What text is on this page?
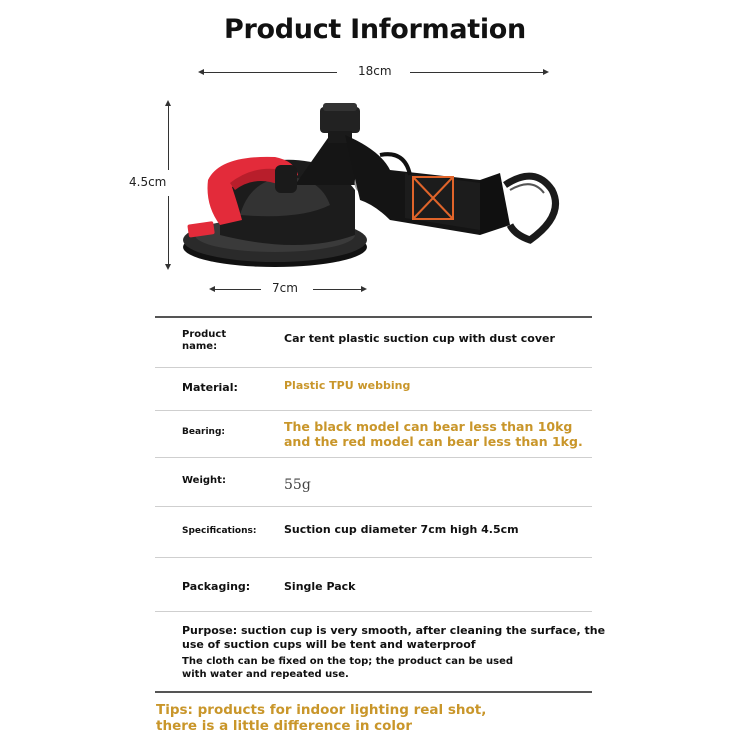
Product Information
18cm
4.5cm
7cm
Product name:
Car tent plastic suction cup with dust cover
Material:	Plastic TPU webbing
Bearing:	The black model can bear less than 10kg and the red model can bear less than 1kg.
Weight:	55g
Specifications:	Suction cup diameter 7cm high 4.5cm
Packaging:	Single Pack
Purpose: suction cup is very smooth, after cleaning the surface, the use of suction cups will be tent and waterproof
The cloth can be fixed on the top; the product can be used with water and repeated use.
Tips: products for indoor lighting real shot, there is a little difference in color
